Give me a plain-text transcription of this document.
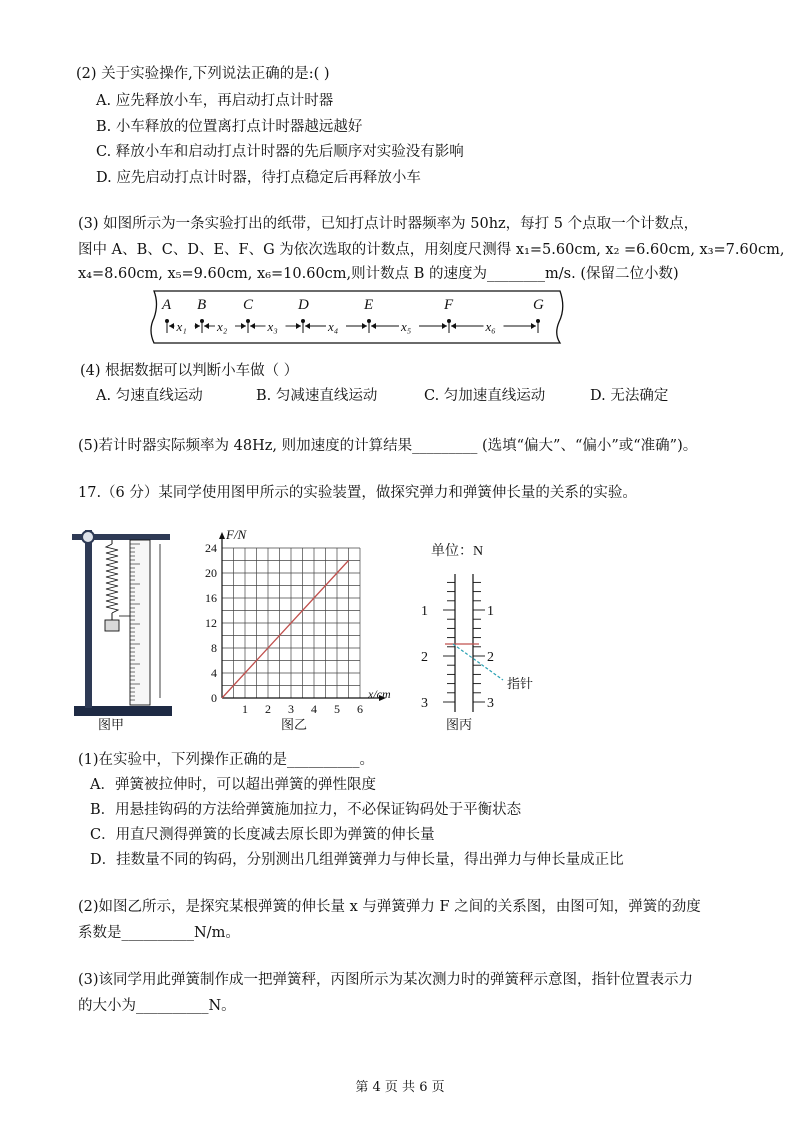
(2) 关于实验操作,下列说法正确的是:( )
A. 应先释放小车，再启动打点计时器
B. 小车释放的位置离打点计时器越远越好
C. 释放小车和启动打点计时器的先后顺序对实验没有影响
D. 应先启动打点计时器，待打点稳定后再释放小车
(3) 如图所示为一条实验打出的纸带，已知打点计时器频率为 50hz，每打 5 个点取一个计数点，
图中 A、B、C、D、E、F、G 为依次选取的计数点，用刻度尺测得 x₁=5.60cm, x₂ =6.60cm, x₃=7.60cm,
x₄=8.60cm, x₅=9.60cm, x₆=10.60cm,则计数点 B 的速度为________m/s. (保留二位小数)
A B C	D	E	F	G
x₁ x₂	x₃	x₄	x₅	x₆
(4) 根据数据可以判断小车做（ ）
A. 匀速直线运动	B. 匀减速直线运动	C. 匀加速直线运动	D. 无法确定
(5)若计时器实际频率为 48Hz, 则加速度的计算结果_________ (选填“偏大”、“偏小”或“准确”)。
17.（6 分）某同学使用图甲所示的实验装置，做探究弹力和弹簧伸长量的关系的实验。
0
4
8
12
16
20
24
1 2 3 4 5 6
F/N
x/cm
单位：N
1
2
3
1
2
3
指针
图甲	图乙	图丙
(1)在实验中，下列操作正确的是__________。
A．弹簧被拉伸时，可以超出弹簧的弹性限度
B．用悬挂钩码的方法给弹簧施加拉力，不必保证钩码处于平衡状态
C．用直尺测得弹簧的长度减去原长即为弹簧的伸长量
D．挂数量不同的钩码，分别测出几组弹簧弹力与伸长量，得出弹力与伸长量成正比
(2)如图乙所示，是探究某根弹簧的伸长量 x 与弹簧弹力 F 之间的关系图，由图可知，弹簧的劲度
系数是__________N/m。
(3)该同学用此弹簧制作成一把弹簧秤，丙图所示为某次测力时的弹簧秤示意图，指针位置表示力
的大小为__________N。
第 4 页 共 6 页
